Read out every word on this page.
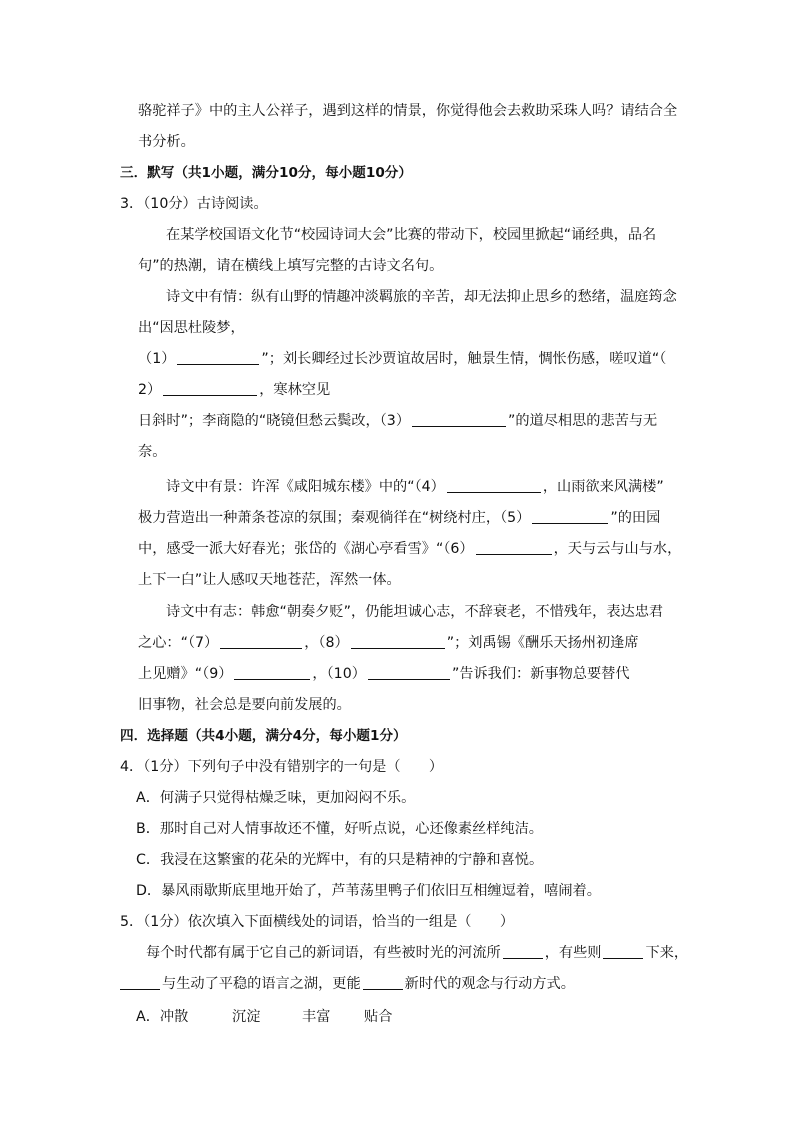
骆驼祥子》中的主人公祥子，遇到这样的情景，你觉得他会去救助采珠人吗？请结合全
书分析。
三．默写（共1小题，满分10分，每小题10分）
3．（10分）古诗阅读。
在某学校国语文化节“校园诗词大会”比赛的带动下，校园里掀起“诵经典，品名
句”的热潮，请在横线上填写完整的古诗文名句。
诗文中有情：纵有山野的情趣冲淡羁旅的辛苦，却无法抑止思乡的愁绪，温庭筠念
出“因思杜陵梦，
（1）	”；刘长卿经过长沙贾谊故居时，触景生情，惆怅伤感，嗟叹道“（
2）	，寒林空见
日斜时”；李商隐的“晓镜但愁云鬓改，（3）	”的道尽相思的悲苦与无
奈。
诗文中有景：许浑《咸阳城东楼》中的“（4）	，山雨欲来风满楼”
极力营造出一种萧条苍凉的氛围；秦观徜徉在“树绕村庄，（5）	”的田园
中，感受一派大好春光；张岱的《湖心亭看雪》“（6）	，天与云与山与水，
上下一白”让人感叹天地苍茫，浑然一体。
诗文中有志：韩愈“朝奏夕贬”，仍能坦诚心志，不辞衰老，不惜残年，表达忠君
之心：“（7）	，（8）	”；刘禹锡《酬乐天扬州初逢席
上见赠》“（9）	，（10）	”告诉我们：新事物总要替代
旧事物，社会总是要向前发展的。
四．选择题（共4小题，满分4分，每小题1分）
4．（1分）下列句子中没有错别字的一句是（　　）
A．何满子只觉得枯燥乏味，更加闷闷不乐。
B．那时自己对人情事故还不懂，好听点说，心还像素丝样纯洁。
C．我浸在这繁蜜的花朵的光辉中，有的只是精神的宁静和喜悦。
D．暴风雨歇斯底里地开始了，芦苇荡里鸭子们依旧互相缠逗着，嘻闹着。
5．（1分）依次填入下面横线处的词语，恰当的一组是（　　）
每个时代都有属于它自己的新词语，有些被时光的河流所	，有些则	下来，
与生动了平稳的语言之湖，更能	新时代的观念与行动方式。
A．冲散	沉淀	丰富 贴合
